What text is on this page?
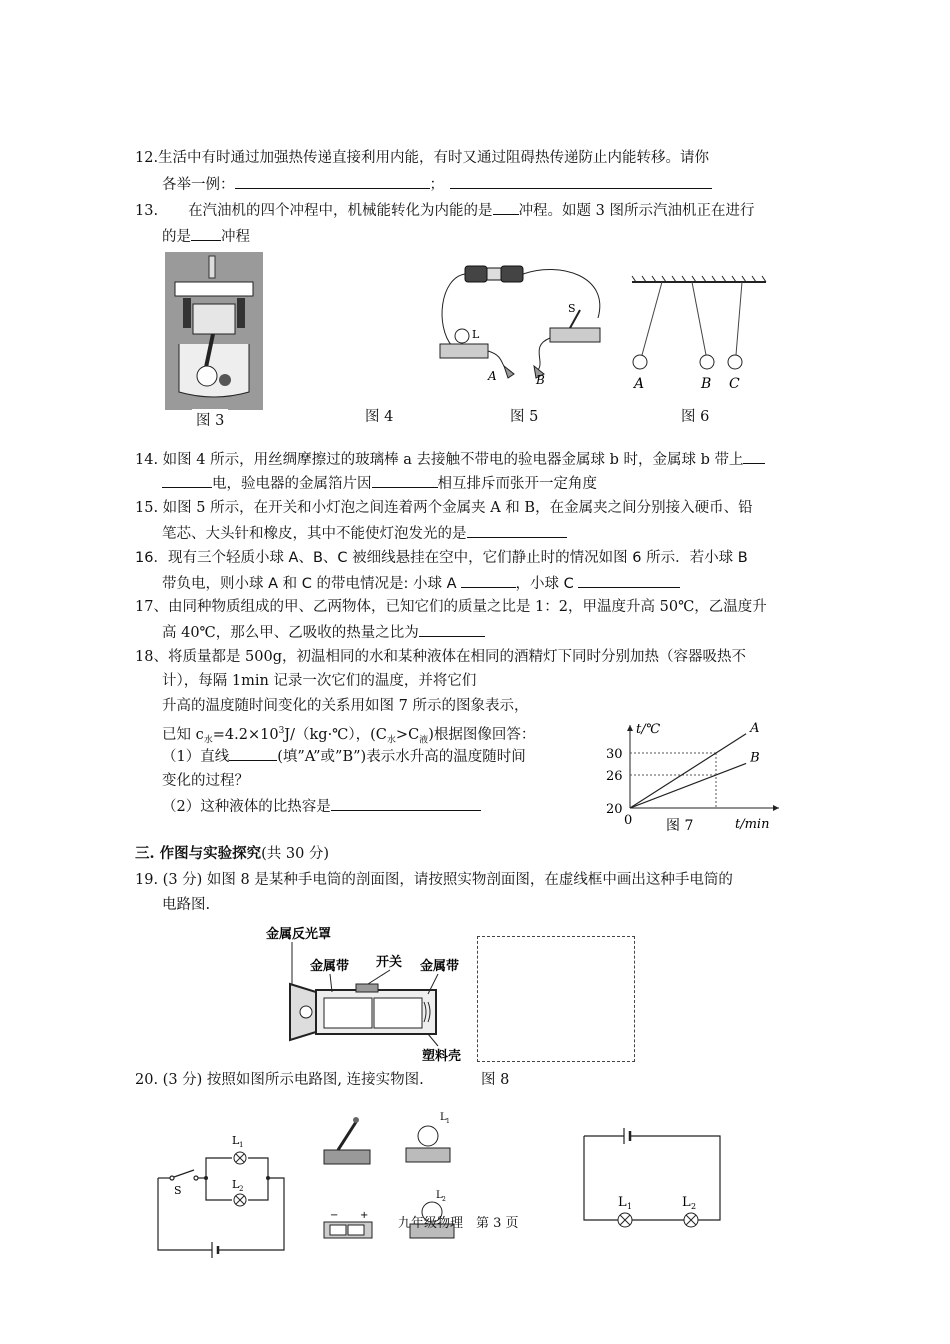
12.生活中有时通过加强热传递直接利用内能，有时又通过阻碍热传递防止内能转移。请你
各举一例：	；
13. 在汽油机的四个冲程中，机械能转化为内能的是 冲程。如题 3 图所示汽油机正在进行
的是 冲程
图 3	图 4
L
S
A	B
图 5
A	B C
图 6
14. 如图 4 所示，用丝绸摩擦过的玻璃棒 a 去接触不带电的验电器金属球 b 时，金属球 b 带上
电，验电器的金属箔片因	相互排斥而张开一定角度
15. 如图 5 所示，在开关和小灯泡之间连着两个金属夹 A 和 B，在金属夹之间分别接入硬币、铅
笔芯、大头针和橡皮，其中不能使灯泡发光的是
16．现有三个轻质小球 A、B、C 被细线悬挂在空中，它们静止时的情况如图 6 所示．若小球 B
带负电，则小球 A 和 C 的带电情况是: 小球 A	，小球 C
17、由同种物质组成的甲、乙两物体，已知它们的质量之比是 1：2，甲温度升高 50℃，乙温度升
高 40℃，那么甲、乙吸收的热量之比为
18、将质量都是 500g，初温相同的水和某种液体在相同的酒精灯下同时分别加热（容器吸热不
计），每隔 1min 记录一次它们的温度，并将它们
升高的温度随时间变化的关系用如图 7 所示的图象表示，
已知 $c_水=4.2\times 10^3J/(kg\cdot℃)$，$(C_水>C_液)$根据图像回答：
（1）直线	(填”A”或”B”)表示水升高的温度随时间
变化的过程？
（2）这种液体的比热容是
t/℃
t/min
0 图 7
20
26
30
A
B
三. 作图与实验探究(共 30 分)
19. (3 分) 如图 8 是某种手电筒的剖面图，请按照实物剖面图，在虚线框中画出这种手电筒的
电路图.
金属反光罩
金属带 开关 金属带
塑料壳
图 8
20. (3 分) 按照如图所示电路图, 连接实物图.
S
L 1
L 2
L 1
− +
L 2
九年级物理　第 3 页
L 1	L 2
